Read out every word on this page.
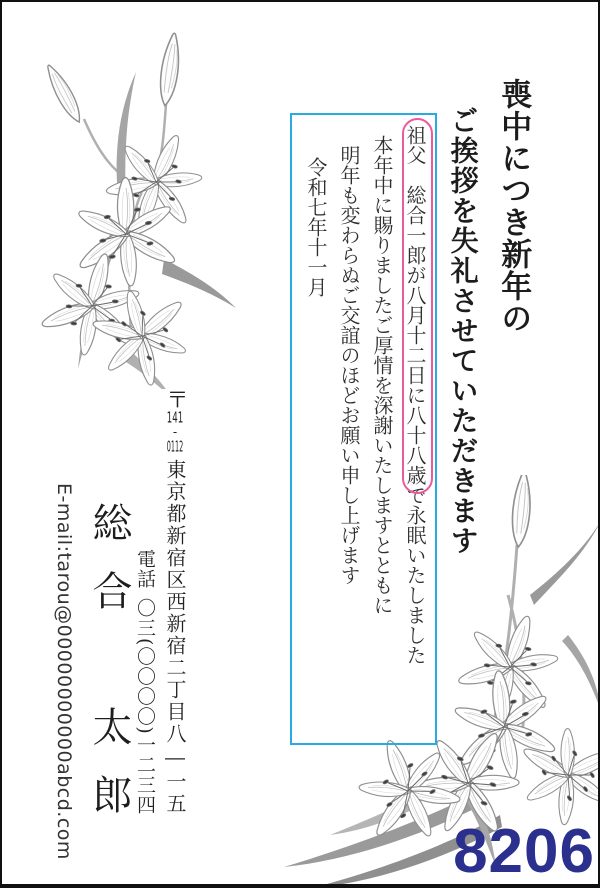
喪中につき新年の
ご挨拶を失礼させていただきます

祖父　総合一郎が八月十二日に八十八歳で永眠いたしました

本年中に賜りましたご厚情を深謝いたしますとともに

明年も変わらぬご交誼のほどお願い申し上げます

令和七年十一月

〒141-0112東京都新宿区西新宿二丁目八―一五
電話〇三(〇〇〇〇)一二三四
総合　太郎
E-mail:tarou@00000000000abcd.com	8206
